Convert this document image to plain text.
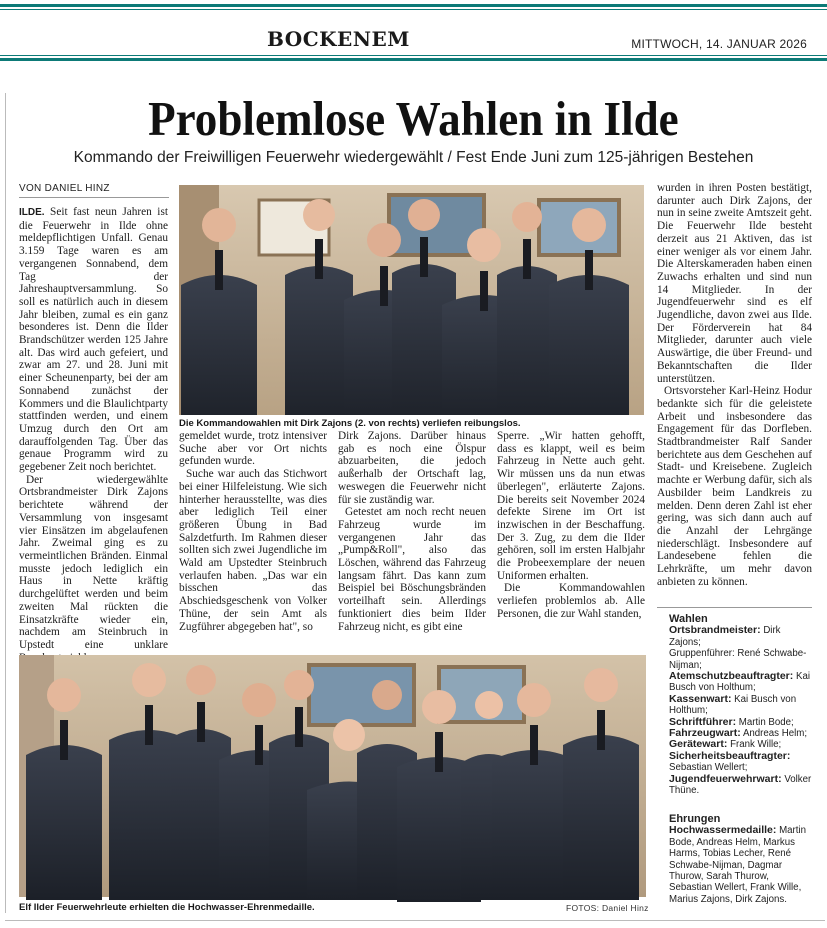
BOCKENEM	MITTWOCH, 14. JANUAR 2026
Problemlose Wahlen in Ilde
Kommando der Freiwilligen Feuerwehr wiedergewählt / Fest Ende Juni zum 125-jährigen Bestehen
VON DANIEL HINZ

ILDE. Seit fast neun Jahren ist die Feuerwehr in Ilde ohne meldepflichtigen Unfall. Genau 3.159 Tage waren es am vergangenen Sonnabend, dem Tag der Jahreshauptversammlung. So soll es natürlich auch in diesem Jahr bleiben, zumal es ein ganz besonderes ist. Denn die Ilder Brandschützer werden 125 Jahre alt. Das wird auch gefeiert, und zwar am 27. und 28. Juni mit einer Scheunenparty, bei der am Sonnabend zunächst der Kommers und die Blaulichtparty stattfinden werden, und einem Umzug durch den Ort am darauffolgenden Tag. Über das genaue Programm wird zu gegebener Zeit noch berichtet.

Der wiedergewählte Ortsbrandmeister Dirk Zajons berichtete während der Versammlung von insgesamt vier Einsätzen im abgelaufenen Jahr. Zweimal ging es zu vermeintlichen Bränden. Einmal musste jedoch lediglich ein Haus in Nette kräftig durchgelüftet werden und beim zweiten Mal rückten die Einsatzkräfte wieder ein, nachdem am Steinbruch in Upstedt eine unklare

Die Kommandowahlen mit Dirk Zajons (2. von rechts) verliefen reibungslos.

gemeldet wurde, trotz intensiver Suche aber vor Ort nichts gefunden wurde.

Suche war auch das Stichwort bei einer Hilfeleistung. Wie sich hinterher herausstellte, was dies aber lediglich Teil einer größeren Übung in Bad Salzdetfurth. Im Rahmen dieser sollten sich zwei Jugendliche im Wald am Upstedter Steinbruch verlaufen haben. „Das war ein bisschen das Abschiedsgeschenk von Volker Thüne, der sein Amt als Zugführer abgegeben hat", so

Dirk Zajons. Darüber hinaus gab es noch eine Ölspur abzuarbeiten, die jedoch außerhalb der Ortschaft lag, weswegen die Feuerwehr nicht für sie zuständig war.

Getestet am noch recht neuen Fahrzeug wurde im vergangenen Jahr das „Pump&Roll", also das Löschen, während das Fahrzeug langsam fährt. Das kann zum Beispiel bei Böschungsbränden vorteilhaft sein. Allerdings funktioniert dies beim Ilder Fahrzeug nicht, es gibt eine

Sperre. „Wir hatten gehofft, dass es klappt, weil es beim Fahrzeug in Nette auch geht. Wir müssen uns da nun etwas überlegen", erläuterte Zajons. Die bereits seit November 2024 defekte Sirene im Ort ist inzwischen in der Beschaffung. Der 3. Zug, zu dem die Ilder gehören, soll im ersten Halbjahr die Probeexemplare der neuen Uniformen erhalten.

Die Kommandowahlen verliefen problemlos ab. Alle Personen, die zur Wahl standen,

wurden in ihren Posten bestätigt, darunter auch Dirk Zajons, der nun in seine zweite Amtszeit geht. Die Feuerwehr Ilde besteht derzeit aus 21 Aktiven, das ist einer weniger als vor einem Jahr. Die Alterskameraden haben einen Zuwachs erhalten und sind nun 14 Mitglieder. In der Jugendfeuerwehr sind es elf Jugendliche, davon zwei aus Ilde. Der Förderverein hat 84 Mitglieder, darunter auch viele Auswärtige, die über Freund- und Bekanntschaften die Ilder unterstützen.

Ortsvorsteher Karl-Heinz Hodur bedankte sich für die geleistete Arbeit und insbesondere das Engagement für das Dorfleben. Stadtbrandmeister Ralf Sander berichtete aus dem Geschehen auf Stadt- und Kreisebene. Zugleich machte er Werbung dafür, sich als Ausbilder beim Landkreis zu melden. Denn deren Zahl ist eher gering, was sich dann auch auf die Anzahl der Lehrgänge niederschlägt. Insbesondere auf Landesebene fehlen die Lehrkräfte, um mehr davon anbieten zu können.

Wahlen

Ortsbrandmeister: Dirk Zajons;

Gruppenführer: René Schwabe-Nijman;

Atemschutzbeauftragter: Kai Busch von Holthum;

Kassenwart: Kai Busch von Holthum;

Schriftführer: Martin Bode;

Fahrzeugwart: Andreas Helm;

Gerätewart: Frank Wille;

Sicherheitsbeauftragter: Sebastian Wellert;

Jugendfeuerwehrwart: Volker Thüne.

Ehrungen

Hochwassermedaille: Martin Bode, Andreas Helm, Markus Harms, Tobias Lecher, René Schwabe-Nijman, Dagmar Thurow, Sarah Thurow, Sebastian Wellert, Frank Wille, Marius Zajons, Dirk Zajons.

Elf Ilder Feuerwehrleute erhielten die Hochwasser-Ehrenmedaille.	FOTOS: Daniel Hinz
